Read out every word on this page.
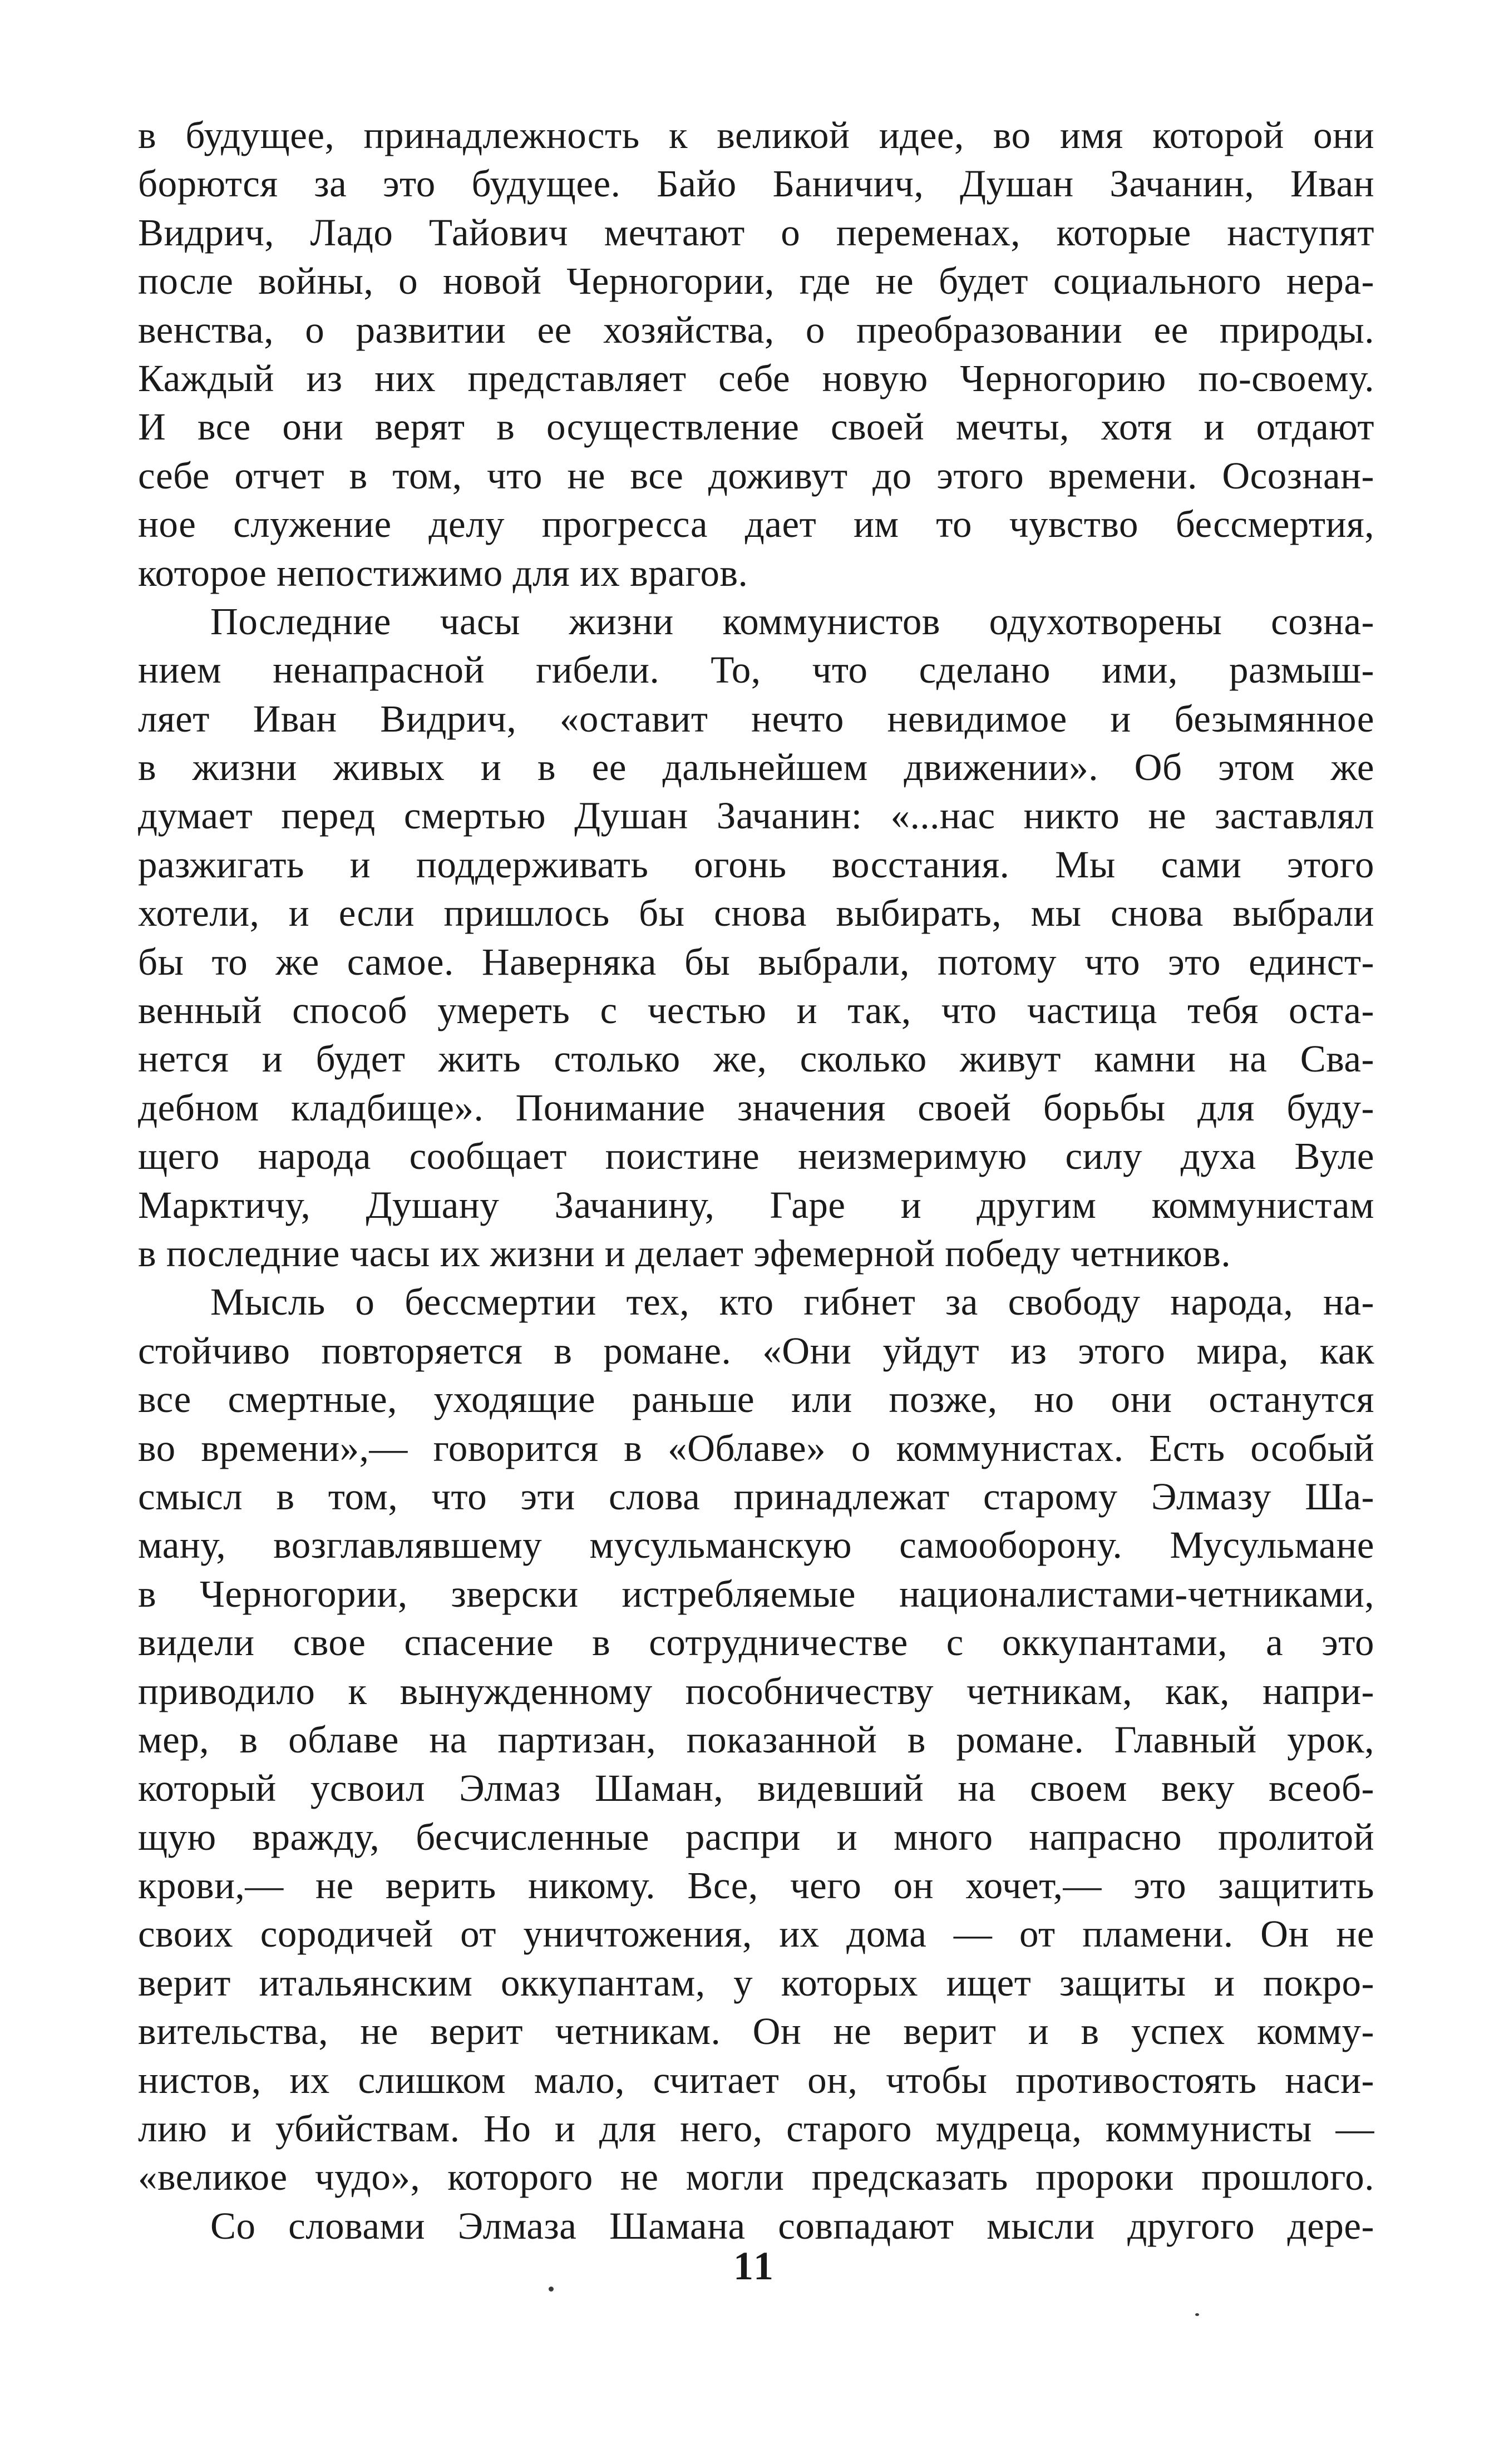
в будущее, принадлежность к великой идее, во имя которой они
борются за это будущее. Байо Баничич, Душан Зачанин, Иван
Видрич, Ладо Тайович мечтают о переменах, которые наступят
после войны, о новой Черногории, где не будет социального нера-
венства, о развитии ее хозяйства, о преобразовании ее природы.
Каждый из них представляет себе новую Черногорию по-своему.
И все они верят в осуществление своей мечты, хотя и отдают
себе отчет в том, что не все доживут до этого времени. Осознан-
ное служение делу прогресса дает им то чувство бессмертия,
которое непостижимо для их врагов.
Последние часы жизни коммунистов одухотворены созна-
нием ненапрасной гибели. То, что сделано ими, размыш-
ляет Иван Видрич, «оставит нечто невидимое и безымянное
в жизни живых и в ее дальнейшем движении». Об этом же
думает перед смертью Душан Зачанин: «...нас никто не заставлял
разжигать и поддерживать огонь восстания. Мы сами этого
хотели, и если пришлось бы снова выбирать, мы снова выбрали
бы то же самое. Наверняка бы выбрали, потому что это единст-
венный способ умереть с честью и так, что частица тебя оста-
нется и будет жить столько же, сколько живут камни на Сва-
дебном кладбище». Понимание значения своей борьбы для буду-
щего народа сообщает поистине неизмеримую силу духа Вуле
Марктичу, Душану Зачанину, Гаре и другим коммунистам
в последние часы их жизни и делает эфемерной победу четников.
Мысль о бессмертии тех, кто гибнет за свободу народа, на-
стойчиво повторяется в романе. «Они уйдут из этого мира, как
все смертные, уходящие раньше или позже, но они останутся
во времени»,— говорится в «Облаве» о коммунистах. Есть особый
смысл в том, что эти слова принадлежат старому Элмазу Ша-
ману, возглавлявшему мусульманскую самооборону. Мусульмане
в Черногории, зверски истребляемые националистами-четниками,
видели свое спасение в сотрудничестве с оккупантами, а это
приводило к вынужденному пособничеству четникам, как, напри-
мер, в облаве на партизан, показанной в романе. Главный урок,
который усвоил Элмаз Шаман, видевший на своем веку всеоб-
щую вражду, бесчисленные распри и много напрасно пролитой
крови,— не верить никому. Все, чего он хочет,— это защитить
своих сородичей от уничтожения, их дома — от пламени. Он не
верит итальянским оккупантам, у которых ищет защиты и покро-
вительства, не верит четникам. Он не верит и в успех комму-
нистов, их слишком мало, считает он, чтобы противостоять наси-
лию и убийствам. Но и для него, старого мудреца, коммунисты —
«великое чудо», которого не могли предсказать пророки прошлого.
Со словами Элмаза Шамана совпадают мысли другого дере-
11
